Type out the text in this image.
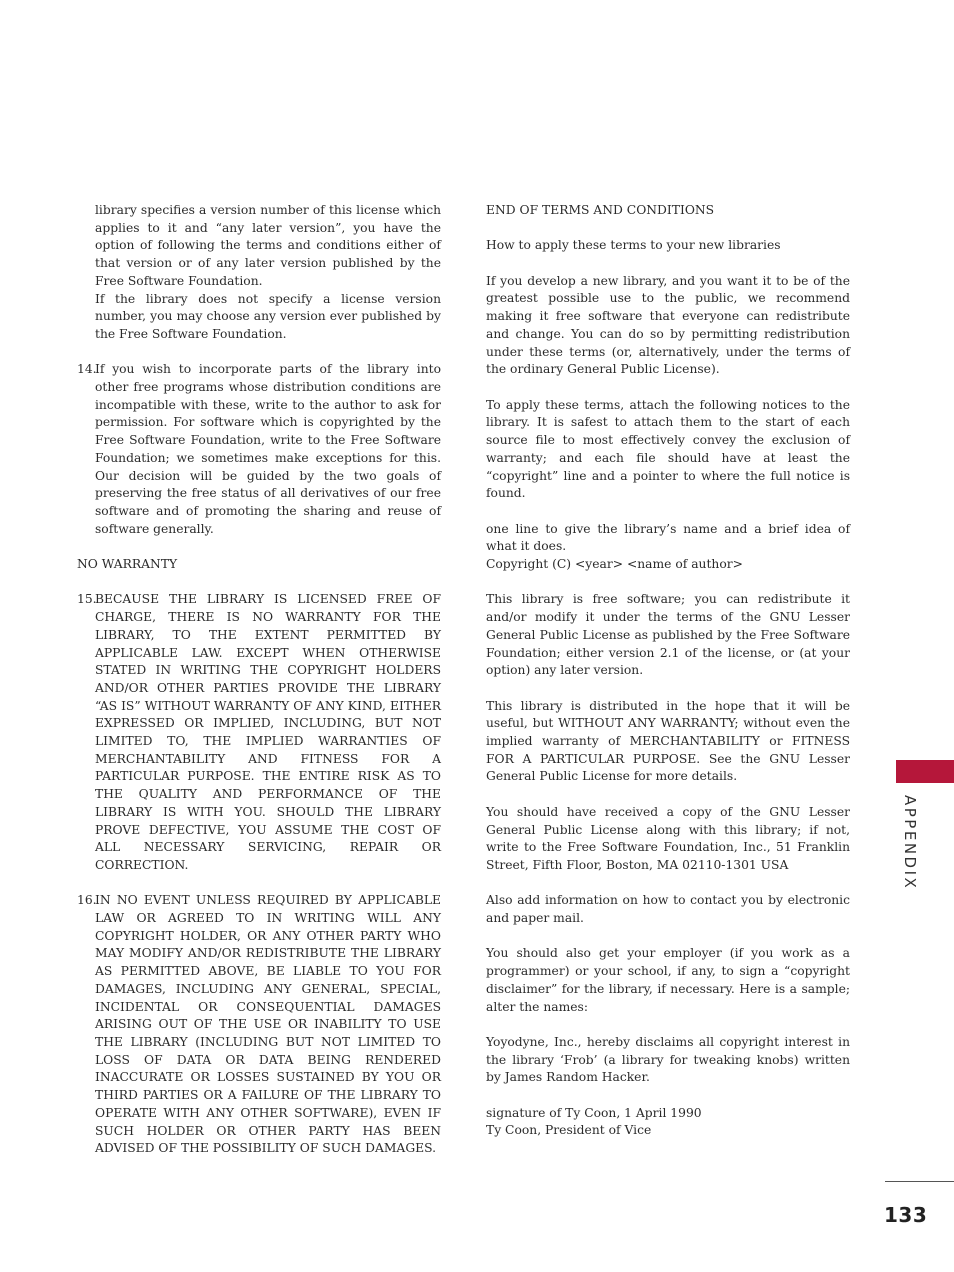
library specifies a version number of this license which applies to it and “any later version”, you have the option of following the terms and conditions either of that version or of any later version published by the Free Software Foundation.

If the library does not specify a license version number, you may choose any version ever published by the Free Software Foundation.

14.
If you wish to incorporate parts of the library into other free programs whose distribution conditions are incompatible with these, write to the author to ask for permission. For software which is copyrighted by the Free Software Foundation, write to the Free Software Foundation; we sometimes make exceptions for this. Our decision will be guided by the two goals of preserving the free status of all derivatives of our free software and of promoting the sharing and reuse of software generally.

NO WARRANTY

15.
BECAUSE THE LIBRARY IS LICENSED FREE OF CHARGE, THERE IS NO WARRANTY FOR THE LIBRARY, TO THE EXTENT PERMITTED BY APPLICABLE LAW. EXCEPT WHEN OTHERWISE STATED IN WRITING THE COPYRIGHT HOLDERS AND/OR OTHER PARTIES PROVIDE THE LIBRARY “AS IS” WITHOUT WARRANTY OF ANY KIND, EITHER EXPRESSED OR IMPLIED, INCLUDING, BUT NOT LIMITED TO, THE IMPLIED WARRANTIES OF MERCHANTABILITY AND FITNESS FOR A PARTICULAR PURPOSE. THE ENTIRE RISK AS TO THE QUALITY AND PERFORMANCE OF THE LIBRARY IS WITH YOU. SHOULD THE LIBRARY PROVE DEFECTIVE, YOU ASSUME THE COST OF ALL NECESSARY SERVICING, REPAIR OR CORRECTION.
16.
IN NO EVENT UNLESS REQUIRED BY APPLICABLE LAW OR AGREED TO IN WRITING WILL ANY COPYRIGHT HOLDER, OR ANY OTHER PARTY WHO MAY MODIFY AND/OR REDISTRIBUTE THE LIBRARY AS PERMITTED ABOVE, BE LIABLE TO YOU FOR DAMAGES, INCLUDING ANY GENERAL, SPECIAL, INCIDENTAL OR CONSEQUENTIAL DAMAGES ARISING OUT OF THE USE OR INABILITY TO USE THE LIBRARY (INCLUDING BUT NOT LIMITED TO LOSS OF DATA OR DATA BEING RENDERED INACCURATE OR LOSSES SUSTAINED BY YOU OR THIRD PARTIES OR A FAILURE OF THE LIBRARY TO OPERATE WITH ANY OTHER SOFTWARE), EVEN IF SUCH HOLDER OR OTHER PARTY HAS BEEN ADVISED OF THE POSSIBILITY OF SUCH DAMAGES.

END OF TERMS AND CONDITIONS

How to apply these terms to your new libraries

If you develop a new library, and you want it to be of the greatest possible use to the public, we recommend making it free software that everyone can redistribute and change. You can do so by permitting redistribution under these terms (or, alternatively, under the terms of the ordinary General Public License).

To apply these terms, attach the following notices to the library. It is safest to attach them to the start of each source file to most effectively convey the exclusion of warranty; and each file should have at least the “copyright” line and a pointer to where the full notice is found.

one line to give the library’s name and a brief idea of what it does.

Copyright (C) <year> <name of author>

This library is free software; you can redistribute it and/or modify it under the terms of the GNU Lesser General Public License as published by the Free Software Foundation; either version 2.1 of the license, or (at your option) any later version.

This library is distributed in the hope that it will be useful, but WITHOUT ANY WARRANTY; without even the implied warranty of MERCHANTABILITY or FITNESS FOR A PARTICULAR PURPOSE. See the GNU Lesser General Public License for more details.

You should have received a copy of the GNU Lesser General Public License along with this library; if not, write to the Free Software Foundation, Inc., 51 Franklin Street, Fifth Floor, Boston, MA 02110-1301 USA

Also add information on how to contact you by electronic and paper mail.

You should also get your employer (if you work as a programmer) or your school, if any, to sign a “copyright disclaimer” for the library, if necessary. Here is a sample; alter the names:

Yoyodyne, Inc., hereby disclaims all copyright interest in the library ‘Frob’ (a library for tweaking knobs) written by James Random Hacker.

signature of Ty Coon, 1 April 1990

Ty Coon, President of Vice

APPENDIX
133
